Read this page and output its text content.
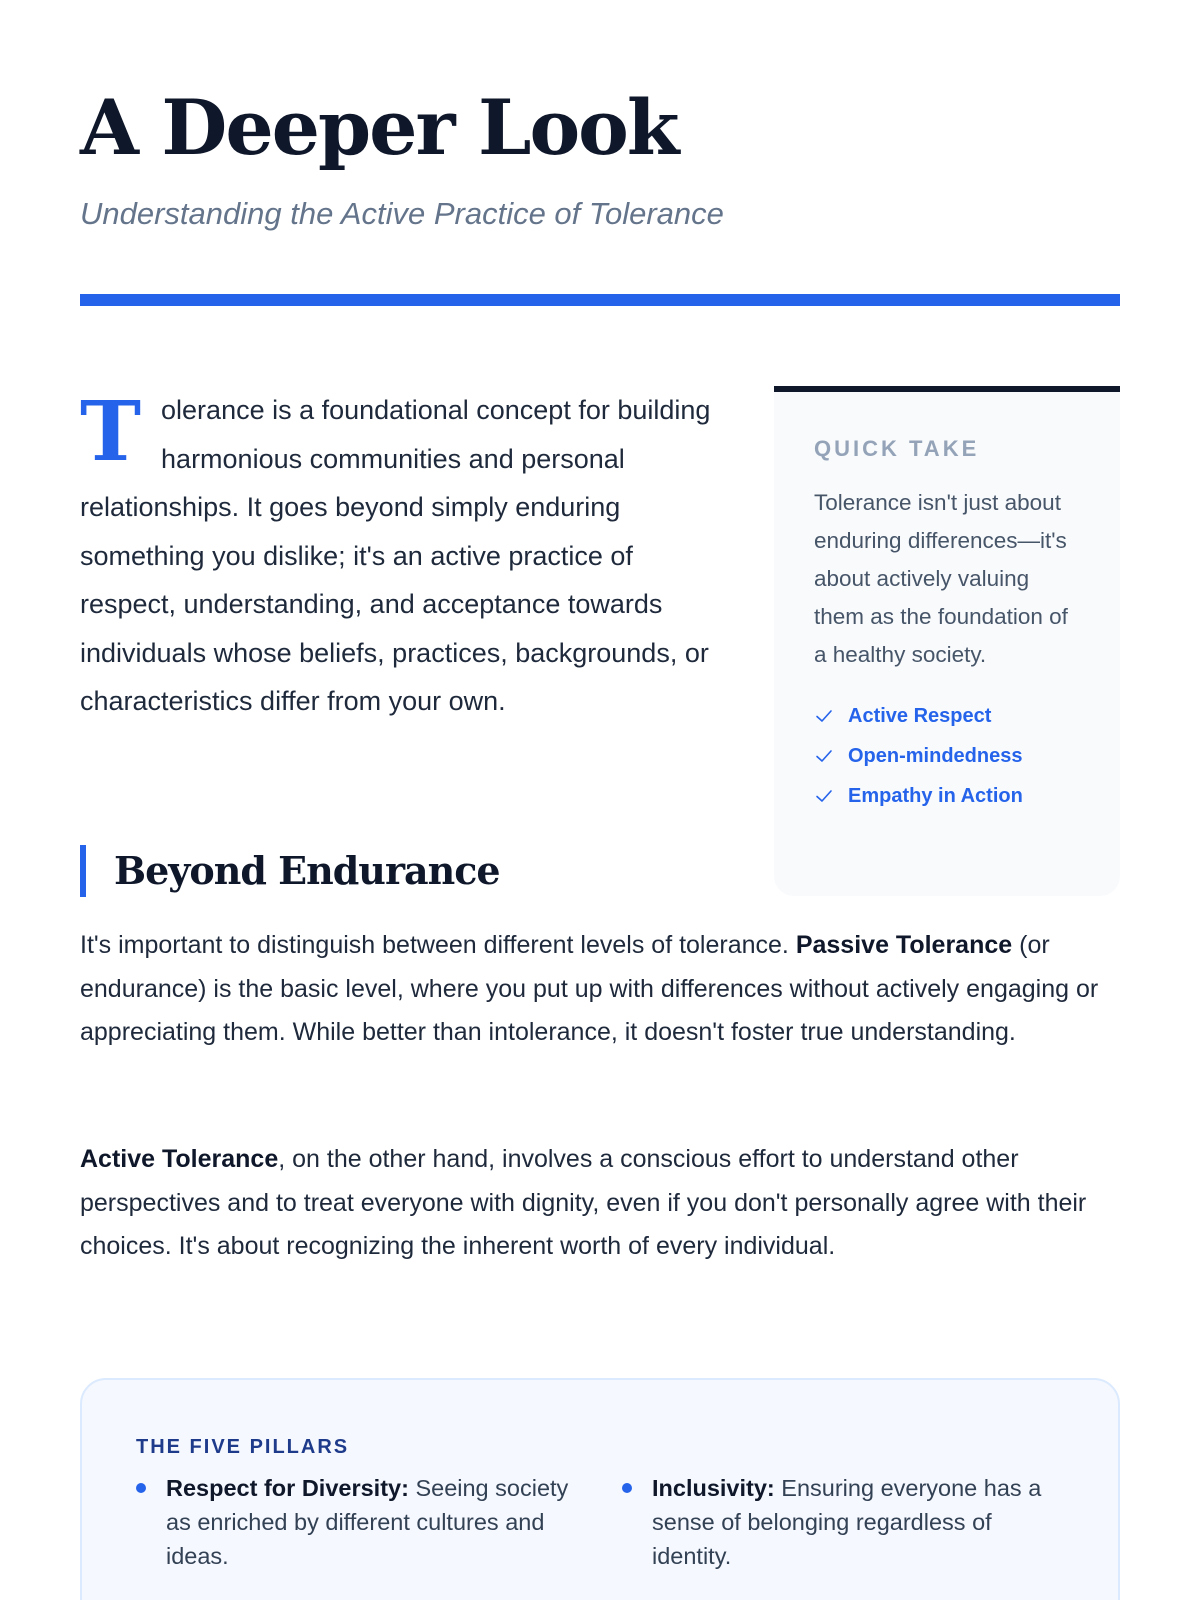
A Deeper Look

Understanding the Active Practice of Tolerance

Tolerance is a foundational concept for building harmonious communities and personal relationships. It goes beyond simply enduring something you dislike; it's an active practice of respect, understanding, and acceptance towards individuals whose beliefs, practices, backgrounds, or characteristics differ from your own.

QUICK TAKE

Tolerance isn't just about enduring differences—it's about actively valuing them as the foundation of a healthy society.

Active Respect
Open-mindedness
Empathy in Action
Beyond Endurance

It's important to distinguish between different levels of tolerance. Passive Tolerance (or endurance) is the basic level, where you put up with differences without actively engaging or appreciating them. While better than intolerance, it doesn't foster true understanding.

Active Tolerance, on the other hand, involves a conscious effort to understand other perspectives and to treat everyone with dignity, even if you don't personally agree with their choices. It's about recognizing the inherent worth of every individual.

THE FIVE PILLARS
Respect for Diversity: Seeing society as enriched by different cultures and ideas.
Inclusivity: Ensuring everyone has a sense of belonging regardless of identity.
